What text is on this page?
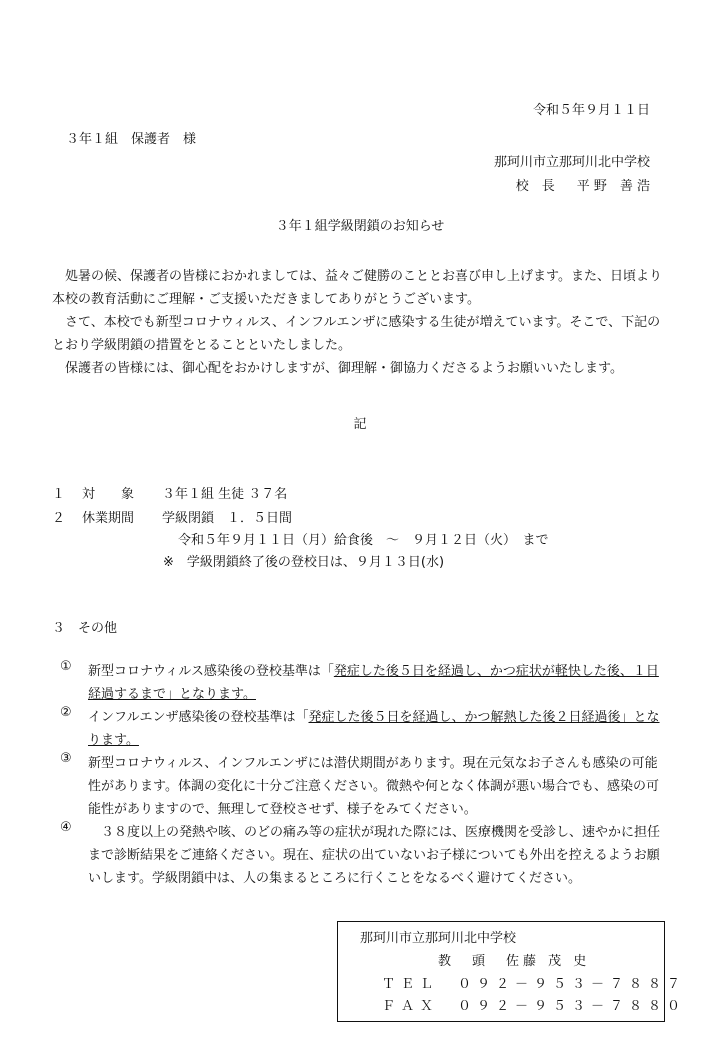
令和５年９月１１日
３年１組　保護者　様
那珂川市立那珂川北中学校
校　長 平 野　善 浩
３年１組学級閉鎖のお知らせ

処暑の候、保護者の皆様におかれましては、益々ご健勝のこととお喜び申し上げます。また、日頃より本校の教育活動にご理解・ご支援いただきましてありがとうございます。

さて、本校でも新型コロナウィルス、インフルエンザに感染する生徒が増えています。そこで、下記のとおり学級閉鎖の措置をとることといたしました。

保護者の皆様には、御心配をおかけしますが、御理解・御協力くださるようお願いいたします。

記
１ 対　　象 ３年１組 生徒 ３７名
２ 休業期間 学級閉鎖　１．５日間
令和５年９月１１日（月）給食後　～　９月１２日（火）　まで
※　学級閉鎖終了後の登校日は、９月１３日(水)
３　その他
①	新型コロナウィルス感染後の登校基準は「発症した後５日を経過し、かつ症状が軽快した後、１日経過するまで」となります。
②	インフルエンザ感染後の登校基準は「発症した後５日を経過し、かつ解熱した後２日経過後」となります。
③	新型コロナウィルス、インフルエンザには潜伏期間があります。現在元気なお子さんも感染の可能性があります。体調の変化に十分ご注意ください。微熱や何となく体調が悪い場合でも、感染の可能性がありますので、無理して登校させず、様子をみてください。
④	　３８度以上の発熱や咳、のどの痛み等の症状が現れた際には、医療機関を受診し、速やかに担任まで診断結果をご連絡ください。現在、症状の出ていないお子様についても外出を控えるようお願いします。学級閉鎖中は、人の集まるところに行くことをなるべく避けてください。
那珂川市立那珂川北中学校
教　頭　佐藤 茂 史
ＴＥＬ　０９２－９５３－７８８７
ＦＡＸ　０９２－９５３－７８８０
